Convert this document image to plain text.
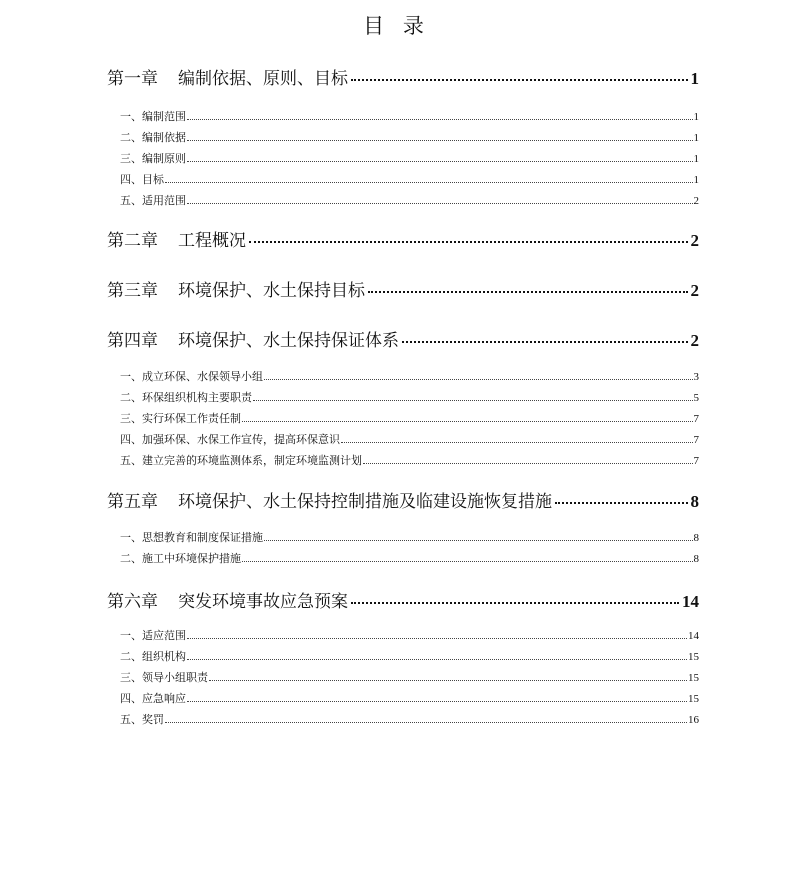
目 录
第一章 编制依据、原则、目标	1
一、编制范围	1
二、编制依据	1
三、编制原则	1
四、目标	1
五、适用范围	2
第二章 工程概况	2
第三章 环境保护、水土保持目标	2
第四章 环境保护、水土保持保证体系	2
一、成立环保、水保领导小组	3
二、环保组织机构主要职责	5
三、实行环保工作责任制	7
四、加强环保、水保工作宣传，提高环保意识	7
五、建立完善的环境监测体系，制定环境监测计划	7
第五章 环境保护、水土保持控制措施及临建设施恢复措施	8
一、思想教育和制度保证措施	8
二、施工中环境保护措施	8
第六章 突发环境事故应急预案	14
一、适应范围	14
二、组织机构	15
三、领导小组职责	15
四、应急响应	15
五、奖罚	16
